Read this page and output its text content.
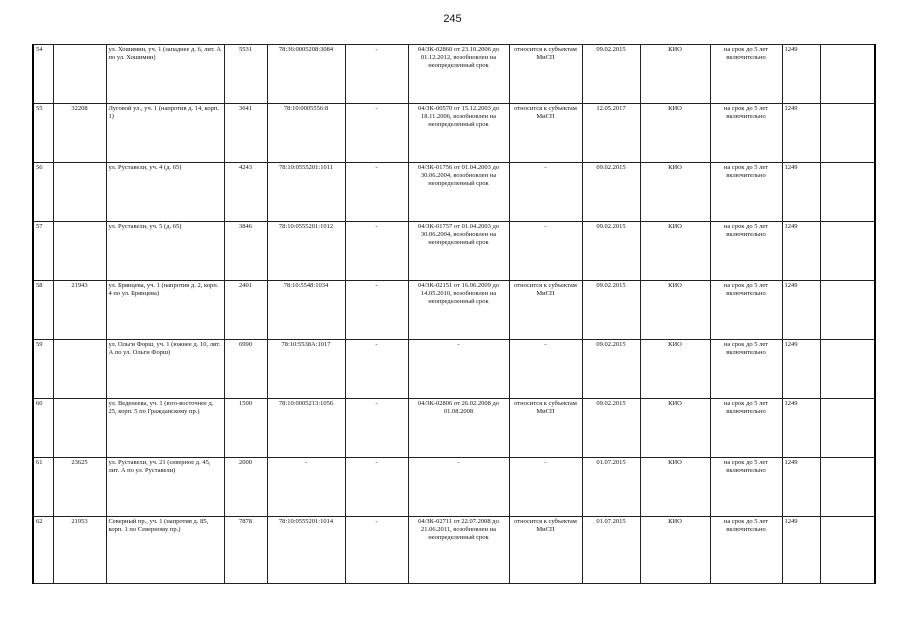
245
54		ул. Хошимин, уч. 1 (западнее д. 6, лит. А по ул. Хошимин)	5531	78:36:0005208:3084	-	04/ЗК-02860 от 23.10.2006 до 01.12.2012, возобновлен на неопределенный срок	относится к субъектам МиСП	09.02.2015	КИО	на срок до 5 лет включительно	1249	
55	32208	Луговой ул., уч. 1 (напротив д. 14, корп. 1)	3641	78:10:0005556:8	-	04/ЗК-00570 от 15.12.2003 до 18.11.2006, возобновлен на неопределенный срок	относится к субъектам МиСП	12.05.2017	КИО	на срок до 5 лет включительно	1249	
56		ул. Руставели, уч. 4 (д. 65)	4243	78:10:0555201:1011	-	04/ЗК-01756 от 01.04.2003 до 30.06.2004, возобновлен на неопределенный срок	-	09.02.2015	КИО	на срок до 5 лет включительно	1249	
57		ул. Руставели, уч. 5 (д. 65)	3846	78:10:0555201:1012	-	04/ЗК-01757 от 01.04.2003 до 30.06.2004, возобновлен на неопределенный срок	-	09.02.2015	КИО	на срок до 5 лет включительно	1249	
58	21943	ул. Брянцева, уч. 1 (напротив д. 2, корп. 4 по ул. Брянцева)	2401	78:10:5548:1034	-	04/ЗК-02151 от 16.06.2009 до 14.05.2010, возобновлен на неопределенный срок	относится к субъектам МиСП	09.02.2015	КИО	на срок до 5 лет включительно	1249	
59		ул. Ольги Форш, уч. 1 (южнее д. 10, лит. А по ул. Ольги Форш)	6990	78:10:5538А:1017	-	-	-	09.02.2015	КИО	на срок до 5 лет включительно	1249	
60		ул. Веденеева, уч. 1 (юго-восточнее д. 25, корп. 5 по Гражданскому пр.)	1500	78:10:0005213:1056	-	04/ЗК-02806 от 26.02.2008 до 01.08.2008	относится к субъектам МиСП	09.02.2015	КИО	на срок до 5 лет включительно	1249	
61	23625	ул. Руставели, уч. 21 (северное д. 45, лит. А по ул. Руставели)	2000	-	-	-	-	01.07.2015	КИО	на срок до 5 лет включительно	1249	
62	21953	Северный пр., уч. 1 (напротив д. 85, корп. 1 по Северному пр.)	7878	78:10:0555201:1014	-	04/ЗК-02711 от 22.07.2008 до 21.06.2011, возобновлен на неопределенный срок	относится к субъектам МиСП	01.07.2015	КИО	на срок до 5 лет включительно	1249	
